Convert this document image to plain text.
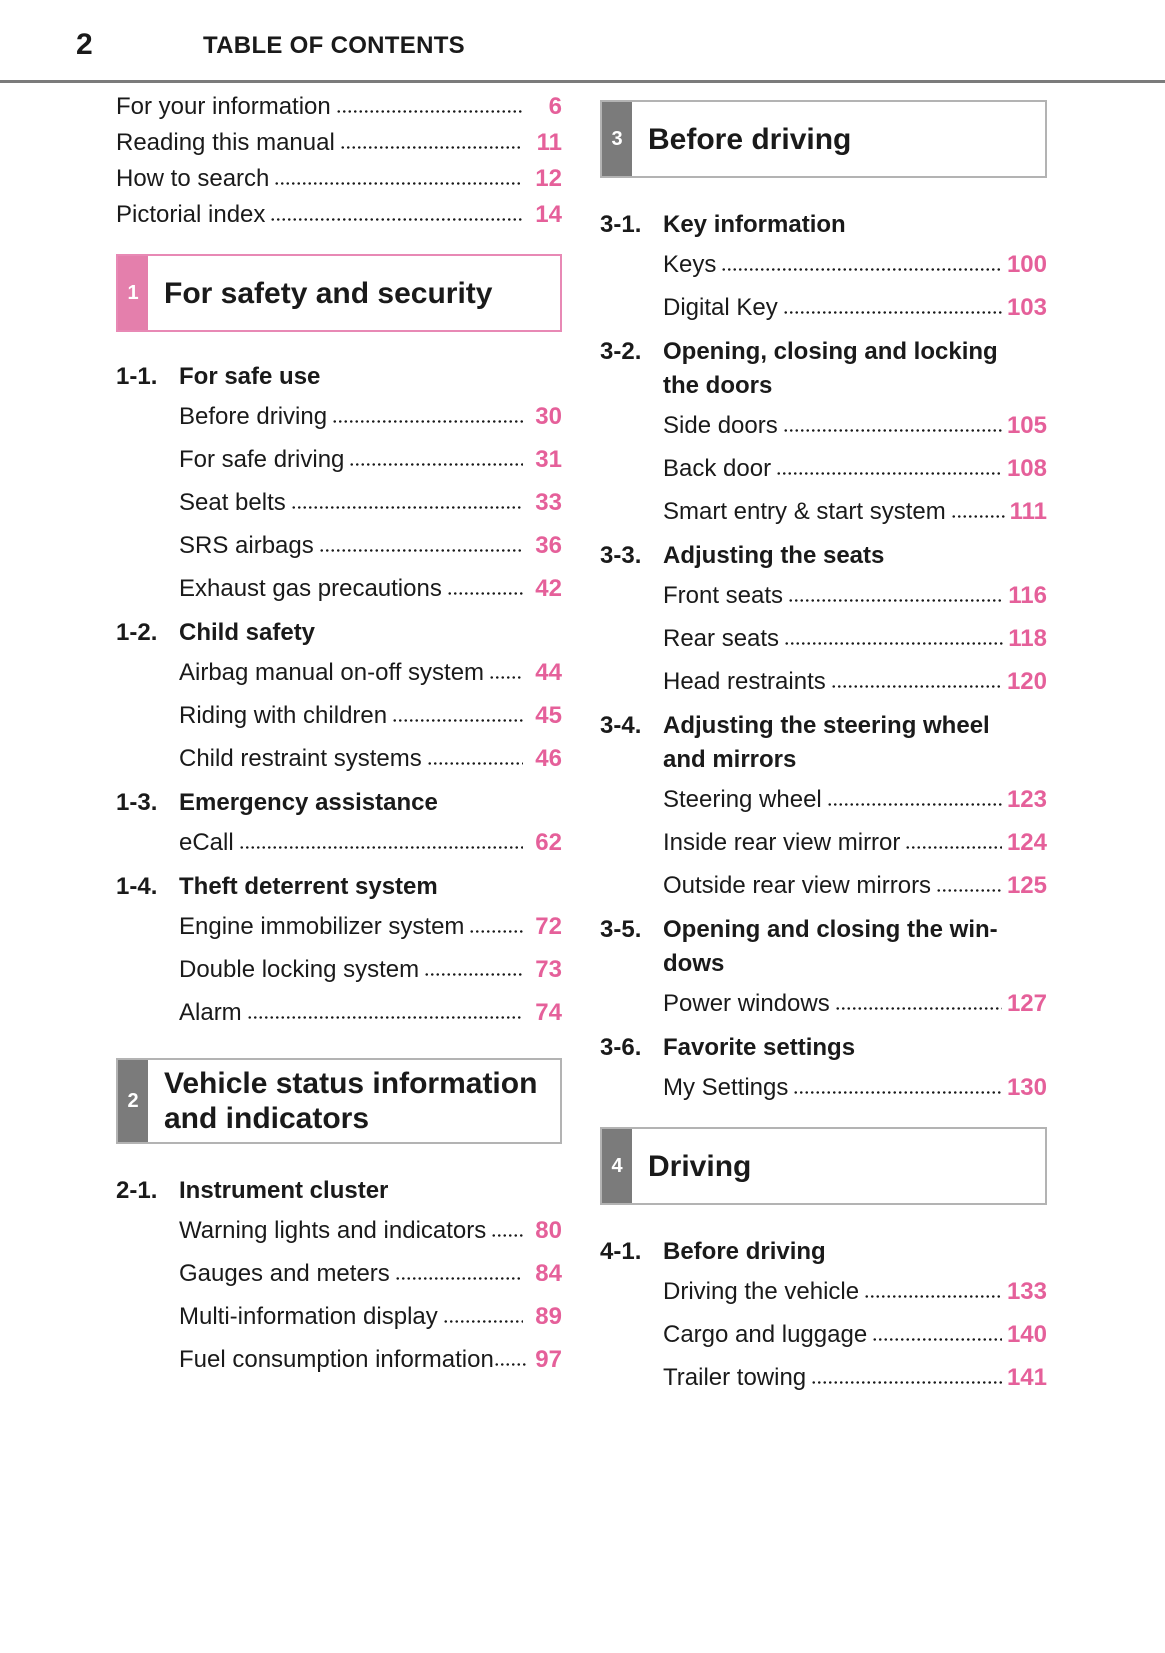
2	TABLE OF CONTENTS
For your information	6
Reading this manual	11
How to search	12
Pictorial index	14
1 For safety and security
1-1. For safe use
Before driving	30
For safe driving	31
Seat belts	33
SRS airbags	36
Exhaust gas precautions	42
1-2. Child safety
Airbag manual on-off system	44
Riding with children	45
Child restraint systems	46
1-3. Emergency assistance
eCall	62
1-4. Theft deterrent system
Engine immobilizer system	72
Double locking system	73
Alarm	74
2
Vehicle status information
and indicators
2-1. Instrument cluster
Warning lights and indicators	80
Gauges and meters	84
Multi-information display	89
Fuel consumption information	97
3 Before driving
3-1. Key information
Keys	100
Digital Key	103
3-2. Opening, closing and locking
the doors
Side doors	105
Back door	108
Smart entry & start system	111
3-3. Adjusting the seats
Front seats	116
Rear seats	118
Head restraints	120
3-4. Adjusting the steering wheel
and mirrors
Steering wheel	123
Inside rear view mirror	124
Outside rear view mirrors	125
3-5. Opening and closing the win-
dows
Power windows	127
3-6. Favorite settings
My Settings	130
4 Driving
4-1. Before driving
Driving the vehicle	133
Cargo and luggage	140
Trailer towing	141
